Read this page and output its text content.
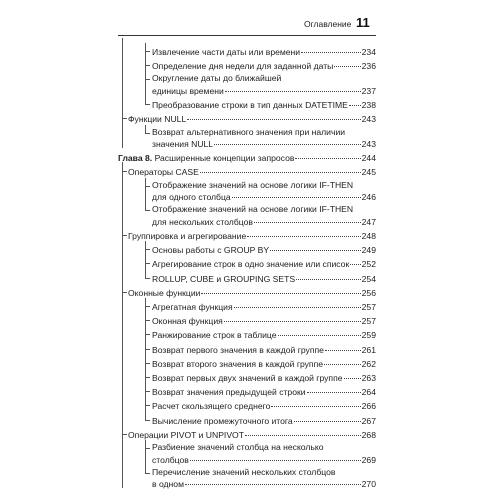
Оглавление 11
Извлечение части даты или времени	234
Определение дня недели для заданной даты	236
Округление даты до ближайшей
единицы времени	237
Преобразование строки в тип данных DATETIME 238
Функции NULL	243
Возврат альтернативного значения при наличии
значения NULL	243
Глава 8. Расширенные концепции запросов	244
Операторы CASE	245
Отображение значений на основе логики IF-THEN
для одного столбца	246
Отображение значений на основе логики IF-THEN
для нескольких столбцов	247
Группировка и агрегирование	248
Основы работы с GROUP BY	249
Агрегирование строк в одно значение или список 252
ROLLUP, CUBE и GROUPING SETS	254
Оконные функции	256
Агрегатная функция	257
Оконная функция	257
Ранжирование строк в таблице	259
Возврат первого значения в каждой группе	261
Возврат второго значения в каждой группе	262
Возврат первых двух значений в каждой группе 263
Возврат значения предыдущей строки	264
Расчет скользящего среднего	266
Вычисление промежуточного итога	267
Операции PIVOT и UNPIVOT	268
Разбиение значений столбца на несколько
столбцов	269
Перечисление значений нескольких столбцов
в одном	270
